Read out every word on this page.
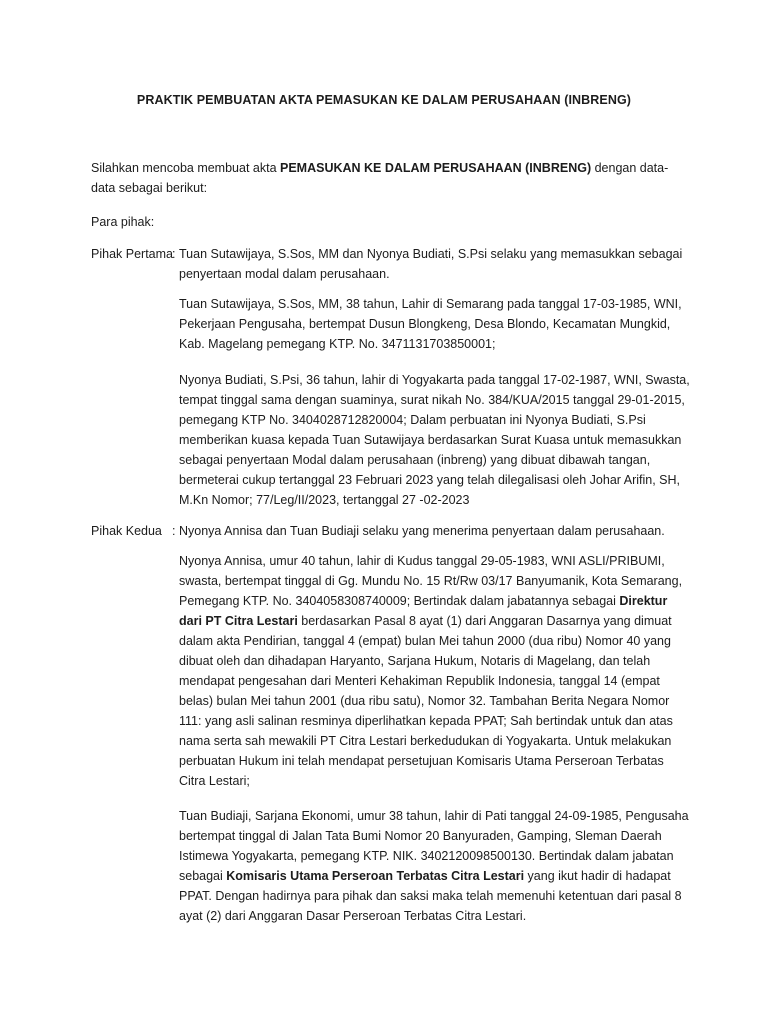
PRAKTIK PEMBUATAN AKTA PEMASUKAN KE DALAM PERUSAHAAN (INBRENG)
Silahkan mencoba membuat akta PEMASUKAN KE DALAM PERUSAHAAN (INBRENG) dengan data-data sebagai berikut:
Para pihak:
Pihak Pertama : Tuan Sutawijaya, S.Sos, MM dan Nyonya Budiati, S.Psi selaku yang memasukkan sebagai penyertaan modal dalam perusahaan.
Tuan Sutawijaya, S.Sos, MM, 38 tahun, Lahir di Semarang pada tanggal 17-03-1985, WNI, Pekerjaan Pengusaha, bertempat Dusun Blongkeng, Desa Blondo, Kecamatan Mungkid, Kab. Magelang pemegang KTP. No. 3471131703850001;
Nyonya Budiati, S.Psi, 36 tahun, lahir di Yogyakarta pada tanggal 17-02-1987, WNI, Swasta, tempat tinggal sama dengan suaminya, surat nikah No. 384/KUA/2015 tanggal 29-01-2015, pemegang KTP No. 3404028712820004; Dalam perbuatan ini Nyonya Budiati, S.Psi memberikan kuasa kepada Tuan Sutawijaya berdasarkan Surat Kuasa untuk memasukkan sebagai penyertaan Modal dalam perusahaan (inbreng) yang dibuat dibawah tangan, bermeterai cukup tertanggal 23 Februari 2023 yang telah dilegalisasi oleh Johar Arifin, SH, M.Kn Nomor; 77/Leg/II/2023, tertanggal 27 -02-2023
Pihak Kedua : Nyonya Annisa dan Tuan Budiaji selaku yang menerima penyertaan dalam perusahaan.
Nyonya Annisa, umur 40 tahun, lahir di Kudus tanggal 29-05-1983, WNI ASLI/PRIBUMI, swasta, bertempat tinggal di Gg. Mundu No. 15 Rt/Rw 03/17 Banyumanik, Kota Semarang, Pemegang KTP. No. 3404058308740009; Bertindak dalam jabatannya sebagai Direktur dari PT Citra Lestari berdasarkan Pasal 8 ayat (1) dari Anggaran Dasarnya yang dimuat dalam akta Pendirian, tanggal 4 (empat) bulan Mei tahun 2000 (dua ribu) Nomor 40 yang dibuat oleh dan dihadapan Haryanto, Sarjana Hukum, Notaris di Magelang, dan telah mendapat pengesahan dari Menteri Kehakiman Republik Indonesia, tanggal 14 (empat belas) bulan Mei tahun 2001 (dua ribu satu), Nomor 32. Tambahan Berita Negara Nomor 111: yang asli salinan resminya diperlihatkan kepada PPAT; Sah bertindak untuk dan atas nama serta sah mewakili PT Citra Lestari berkedudukan di Yogyakarta. Untuk melakukan perbuatan Hukum ini telah mendapat persetujuan Komisaris Utama Perseroan Terbatas Citra Lestari;
Tuan Budiaji, Sarjana Ekonomi, umur 38 tahun, lahir di Pati tanggal 24-09-1985, Pengusaha bertempat tinggal di Jalan Tata Bumi Nomor 20 Banyuraden, Gamping, Sleman Daerah Istimewa Yogyakarta, pemegang KTP. NIK. 3402120098500130. Bertindak dalam jabatan sebagai Komisaris Utama Perseroan Terbatas Citra Lestari yang ikut hadir di hadapat PPAT. Dengan hadirnya para pihak dan saksi maka telah memenuhi ketentuan dari pasal 8 ayat (2) dari Anggaran Dasar Perseroan Terbatas Citra Lestari.
